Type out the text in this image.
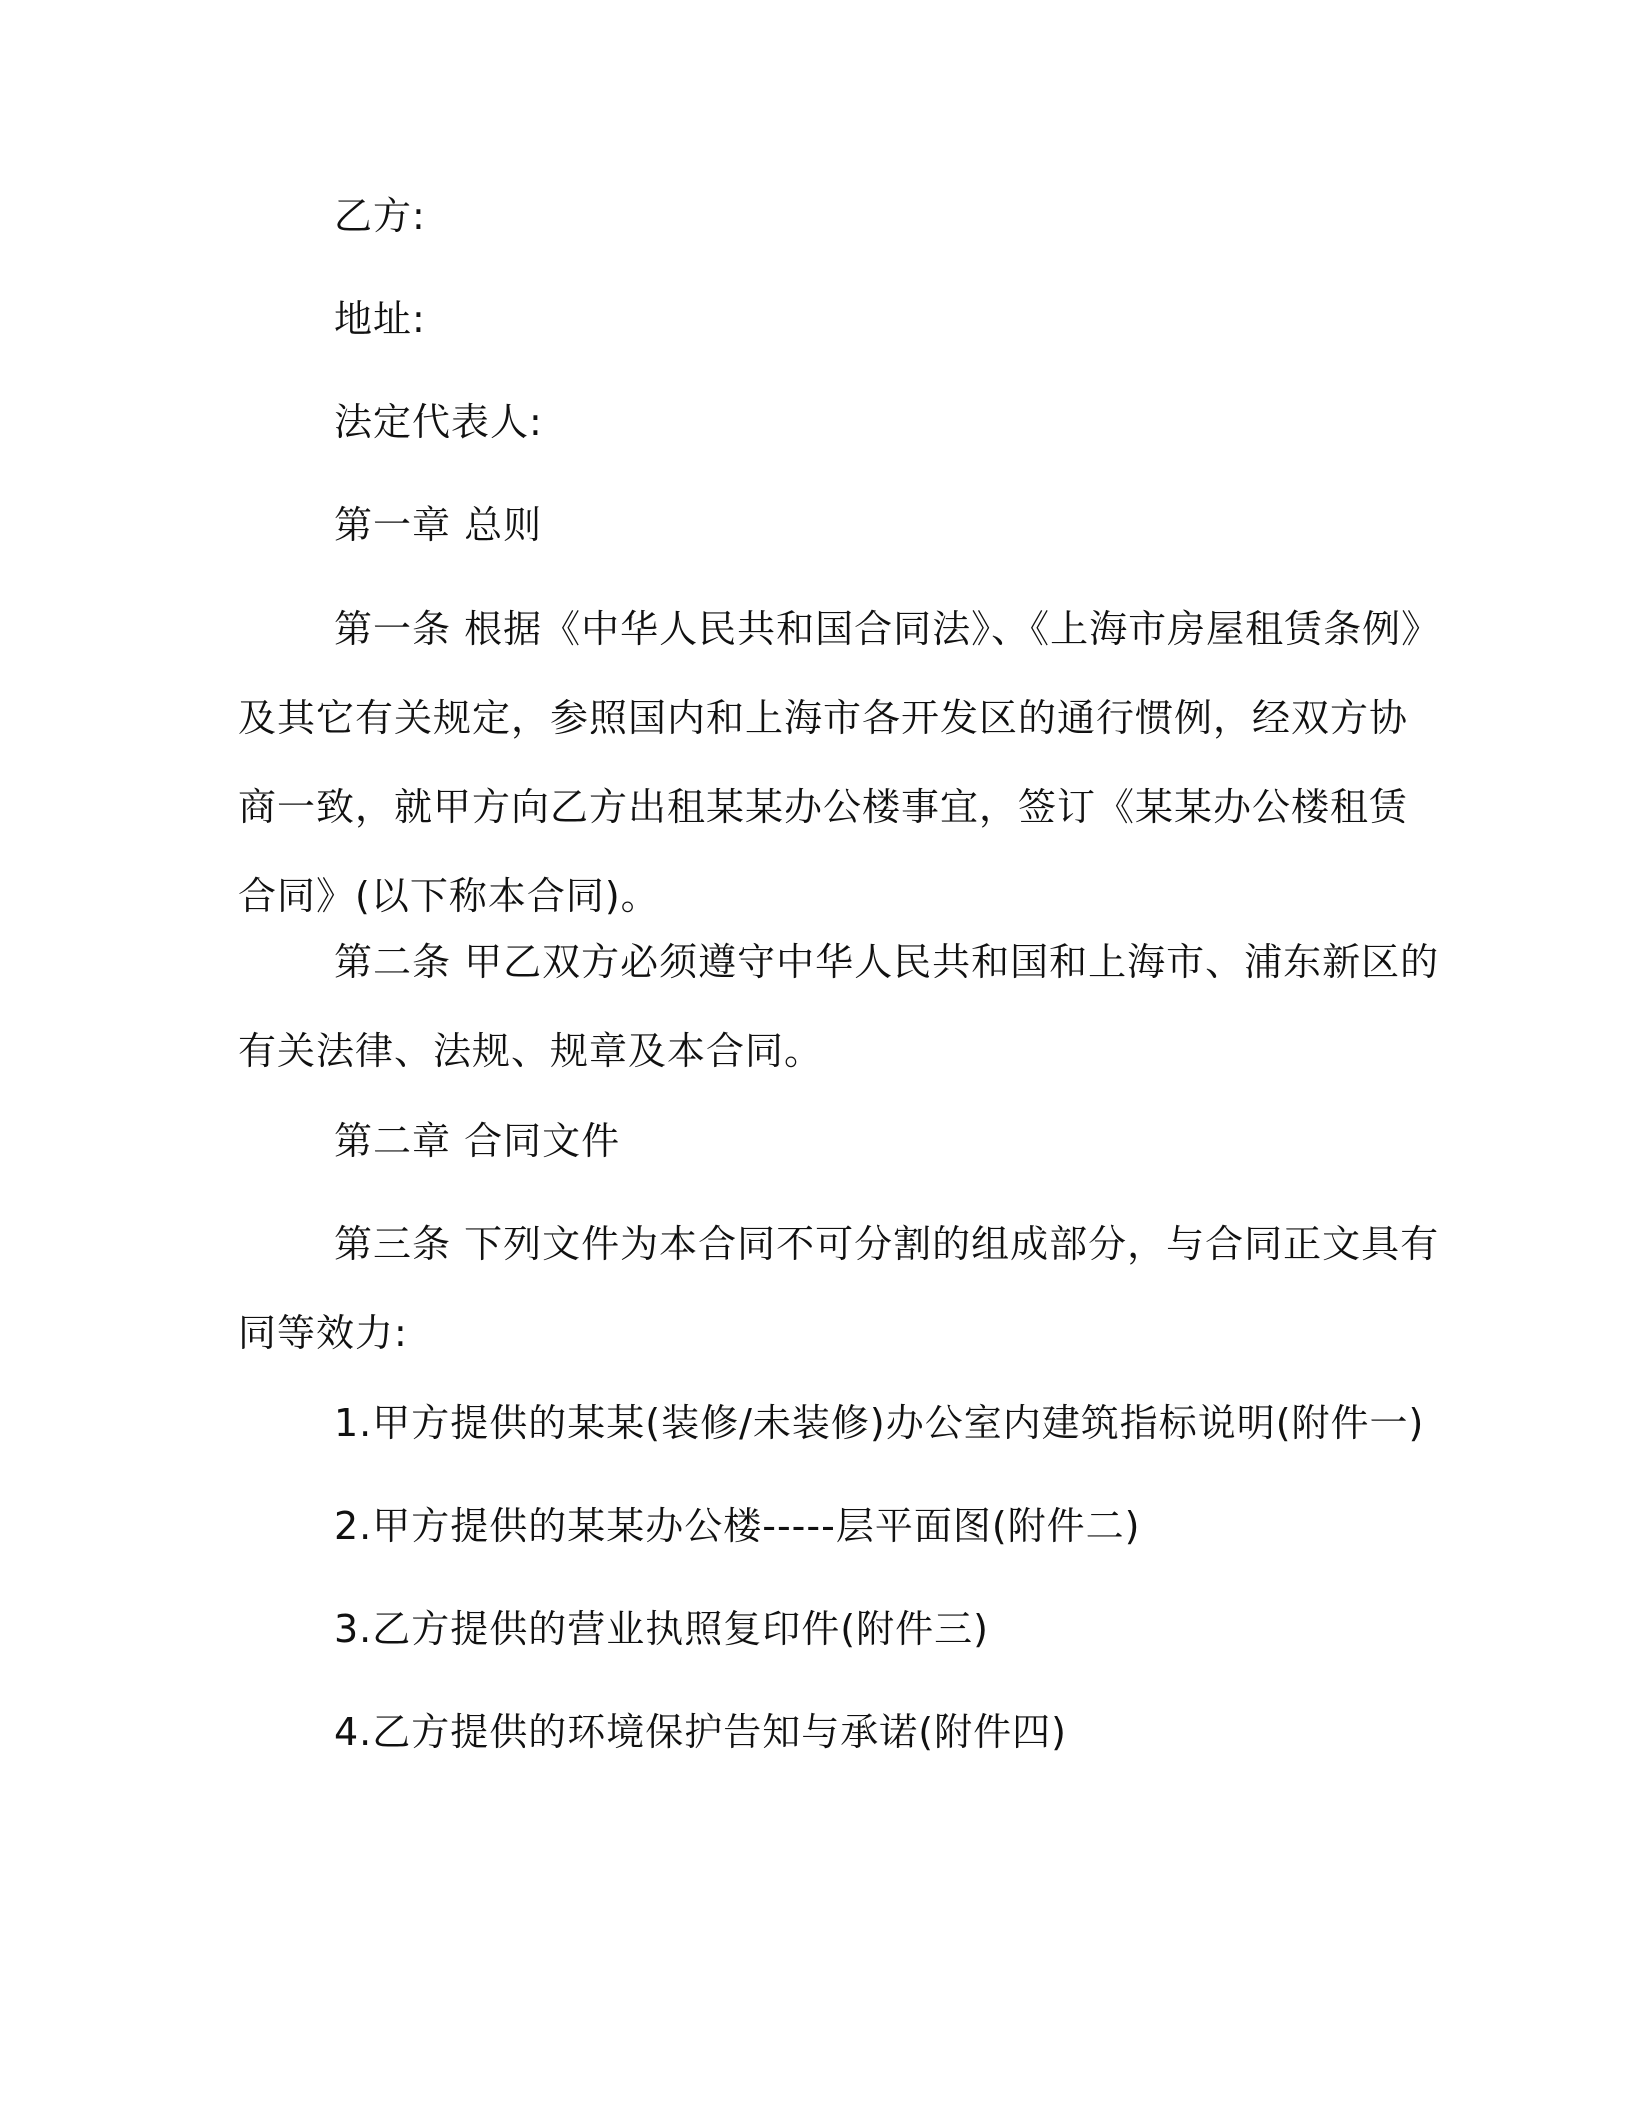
乙方:

地址:

法定代表人:

第一章 总则

第一条 根据《中华人民共和国合同法》、《上海市房屋租赁条例》
及其它有关规定，参照国内和上海市各开发区的通行惯例，经双方协
商一致，就甲方向乙方出租某某办公楼事宜，签订《某某办公楼租赁
合同》(以下称本合同)。
第二条 甲乙双方必须遵守中华人民共和国和上海市、浦东新区的
有关法律、法规、规章及本合同。

第二章 合同文件

第三条 下列文件为本合同不可分割的组成部分，与合同正文具有
同等效力:

1.甲方提供的某某(装修/未装修)办公室内建筑指标说明(附件一)

2.甲方提供的某某办公楼-----层平面图(附件二)

3.乙方提供的营业执照复印件(附件三)

4.乙方提供的环境保护告知与承诺(附件四)
